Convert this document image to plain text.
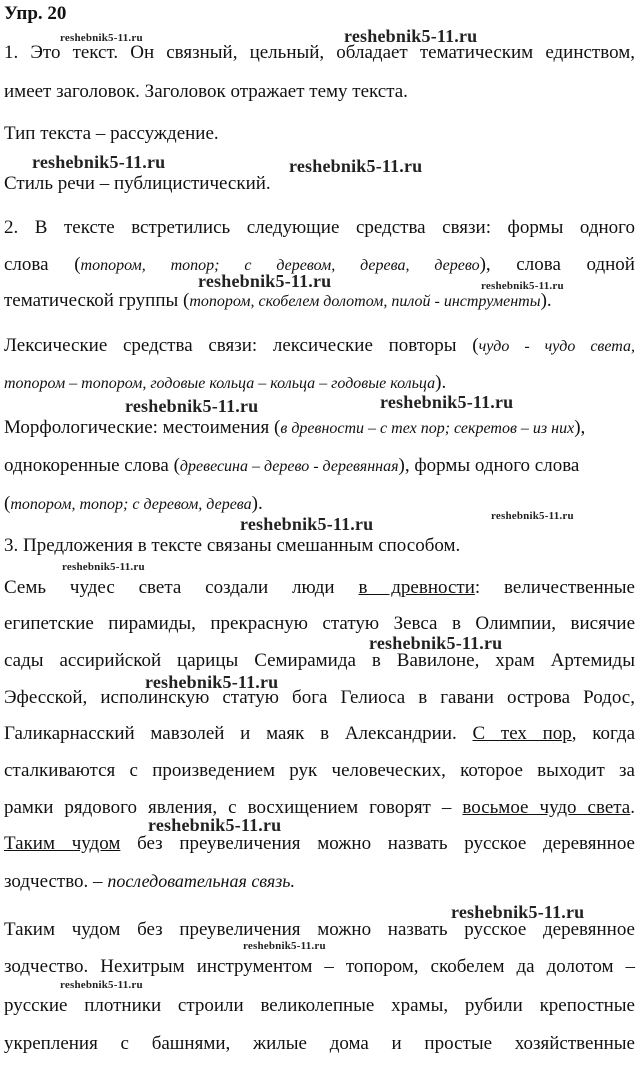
Упр. 20
1. Это текст. Он связный, цельный, обладает тематическим единством,
имеет заголовок. Заголовок отражает тему текста.
Тип текста – рассуждение.
Стиль речи – публицистический.
2. В тексте встретились следующие средства связи: формы одного
слова (топором, топор; с деревом, дерева, дерево), слова одной
тематической группы (топором, скобелем долотом, пилой - инструменты).
Лексические средства связи: лексические повторы (чудо - чудо света,
топором – топором, годовые кольца – кольца – годовые кольца).
Морфологические: местоимения (в древности – с тех пор; секретов – из них),
однокоренные слова (древесина – дерево - деревянная), формы одного слова
(топором, топор; с деревом, дерева).
3. Предложения в тексте связаны смешанным способом.
Семь чудес света создали люди в древности: величественные
египетские пирамиды, прекрасную статую Зевса в Олимпии, висячие
сады ассирийской царицы Семирамида в Вавилоне, храм Артемиды
Эфесской, исполинскую статую бога Гелиоса в гавани острова Родос,
Галикарнасский мавзолей и маяк в Александрии. С тех пор, когда
сталкиваются с произведением рук человеческих, которое выходит за
рамки рядового явления, с восхищением говорят – восьмое чудо света.
Таким чудом без преувеличения можно назвать русское деревянное
зодчество. – последовательная связь.
Таким чудом без преувеличения можно назвать русское деревянное
зодчество. Нехитрым инструментом – топором, скобелем да долотом –
русские плотники строили великолепные храмы, рубили крепостные
укрепления с башнями, жилые дома и простые хозяйственные
reshebnik5-11.ru	reshebnik5-11.ru
reshebnik5-11.ru	reshebnik5-11.ru
reshebnik5-11.ru	reshebnik5-11.ru
reshebnik5-11.ru	reshebnik5-11.ru
reshebnik5-11.ru
reshebnik5-11.ru
reshebnik5-11.ru
reshebnik5-11.ru
reshebnik5-11.ru
reshebnik5-11.ru
reshebnik5-11.ru
reshebnik5-11.ru
reshebnik5-11.ru
